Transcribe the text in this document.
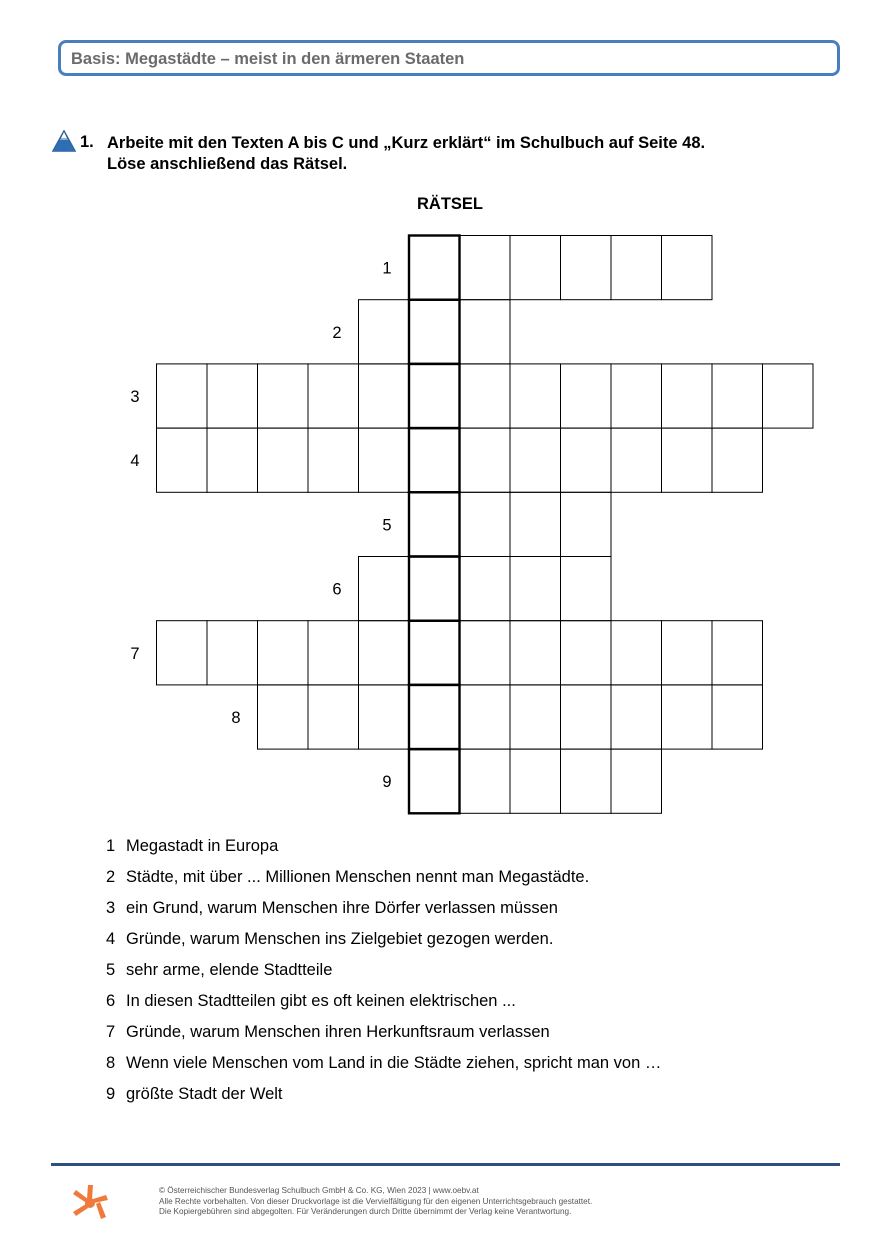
Basis: Megastädte – meist in den ärmeren Staaten
1. Arbeite mit den Texten A bis C und „Kurz erklärt“ im Schulbuch auf Seite 48.
Löse anschließend das Rätsel.
RÄTSEL
1
2
3
4
5
6
7
8
9
1 Megastadt in Europa
2 Städte, mit über ... Millionen Menschen nennt man Megastädte.
3 ein Grund, warum Menschen ihre Dörfer verlassen müssen
4 Gründe, warum Menschen ins Zielgebiet gezogen werden.
5 sehr arme, elende Stadtteile
6 In diesen Stadtteilen gibt es oft keinen elektrischen ...
7 Gründe, warum Menschen ihren Herkunftsraum verlassen
8 Wenn viele Menschen vom Land in die Städte ziehen, spricht man von …
9 größte Stadt der Welt
© Österreichischer Bundesverlag Schulbuch GmbH & Co. KG, Wien 2023 | www.oebv.at
Alle Rechte vorbehalten. Von dieser Druckvorlage ist die Vervielfältigung für den eigenen Unterrichtsgebrauch gestattet.
Die Kopiergebühren sind abgegolten. Für Veränderungen durch Dritte übernimmt der Verlag keine Verantwortung.
